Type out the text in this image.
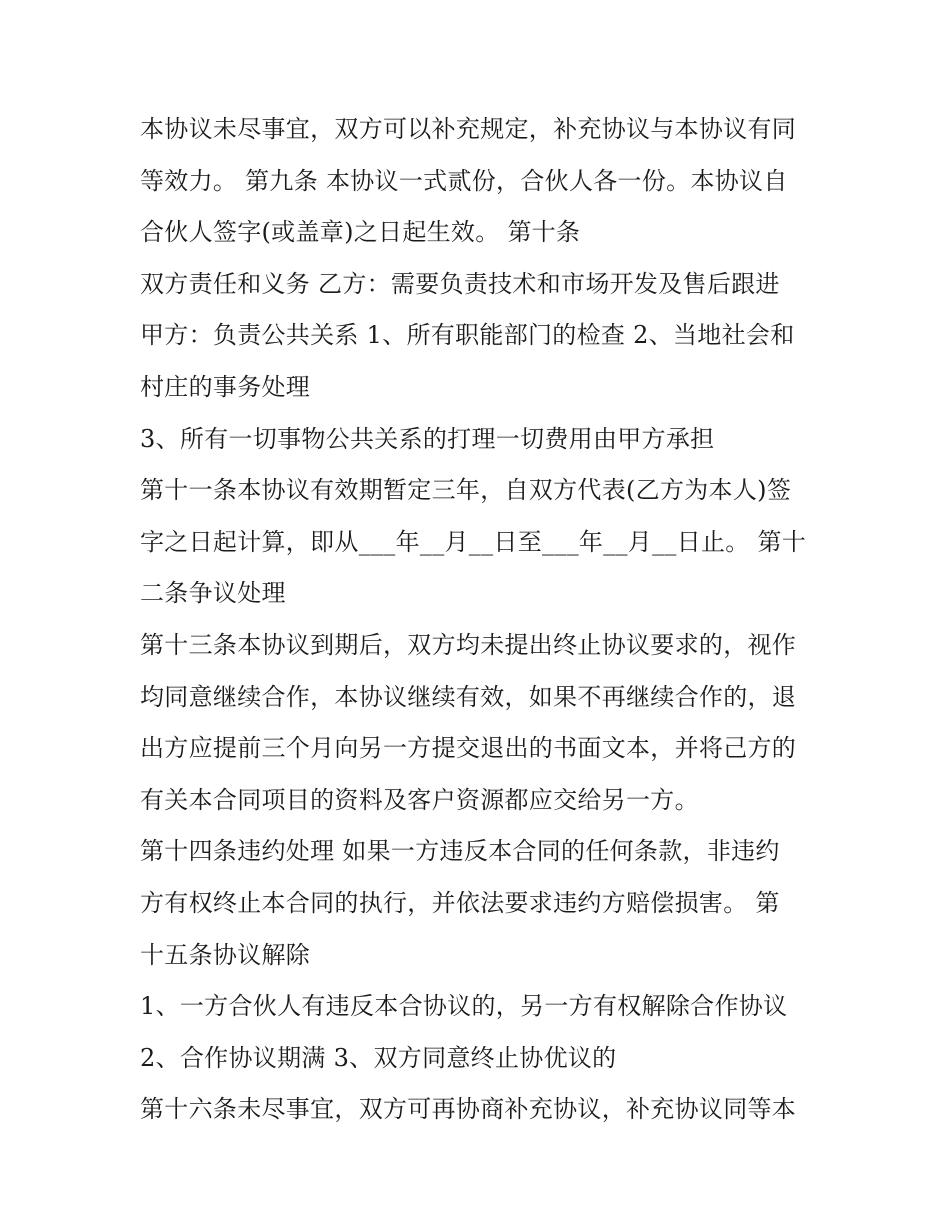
本协议未尽事宜，双方可以补充规定，补充协议与本协议有同
等效力。 第九条 本协议一式贰份，合伙人各一份。本协议自
合伙人签字(或盖章)之日起生效。 第十条
双方责任和义务 乙方：需要负责技术和市场开发及售后跟进
甲方：负责公共关系 1、所有职能部门的检查 2、当地社会和
村庄的事务处理
3、所有一切事物公共关系的打理一切费用由甲方承担
第十一条本协议有效期暂定三年，自双方代表(乙方为本人)签
字之日起计算，即从___年__月__日至___年__月__日止。 第十
二条争议处理
第十三条本协议到期后，双方均未提出终止协议要求的，视作
均同意继续合作，本协议继续有效，如果不再继续合作的，退
出方应提前三个月向另一方提交退出的书面文本，并将己方的
有关本合同项目的资料及客户资源都应交给另一方。
第十四条违约处理 如果一方违反本合同的任何条款，非违约
方有权终止本合同的执行，并依法要求违约方赔偿损害。 第
十五条协议解除
1、一方合伙人有违反本合协议的，另一方有权解除合作协议
2、合作协议期满 3、双方同意终止协优议的
第十六条未尽事宜，双方可再协商补充协议，补充协议同等本
